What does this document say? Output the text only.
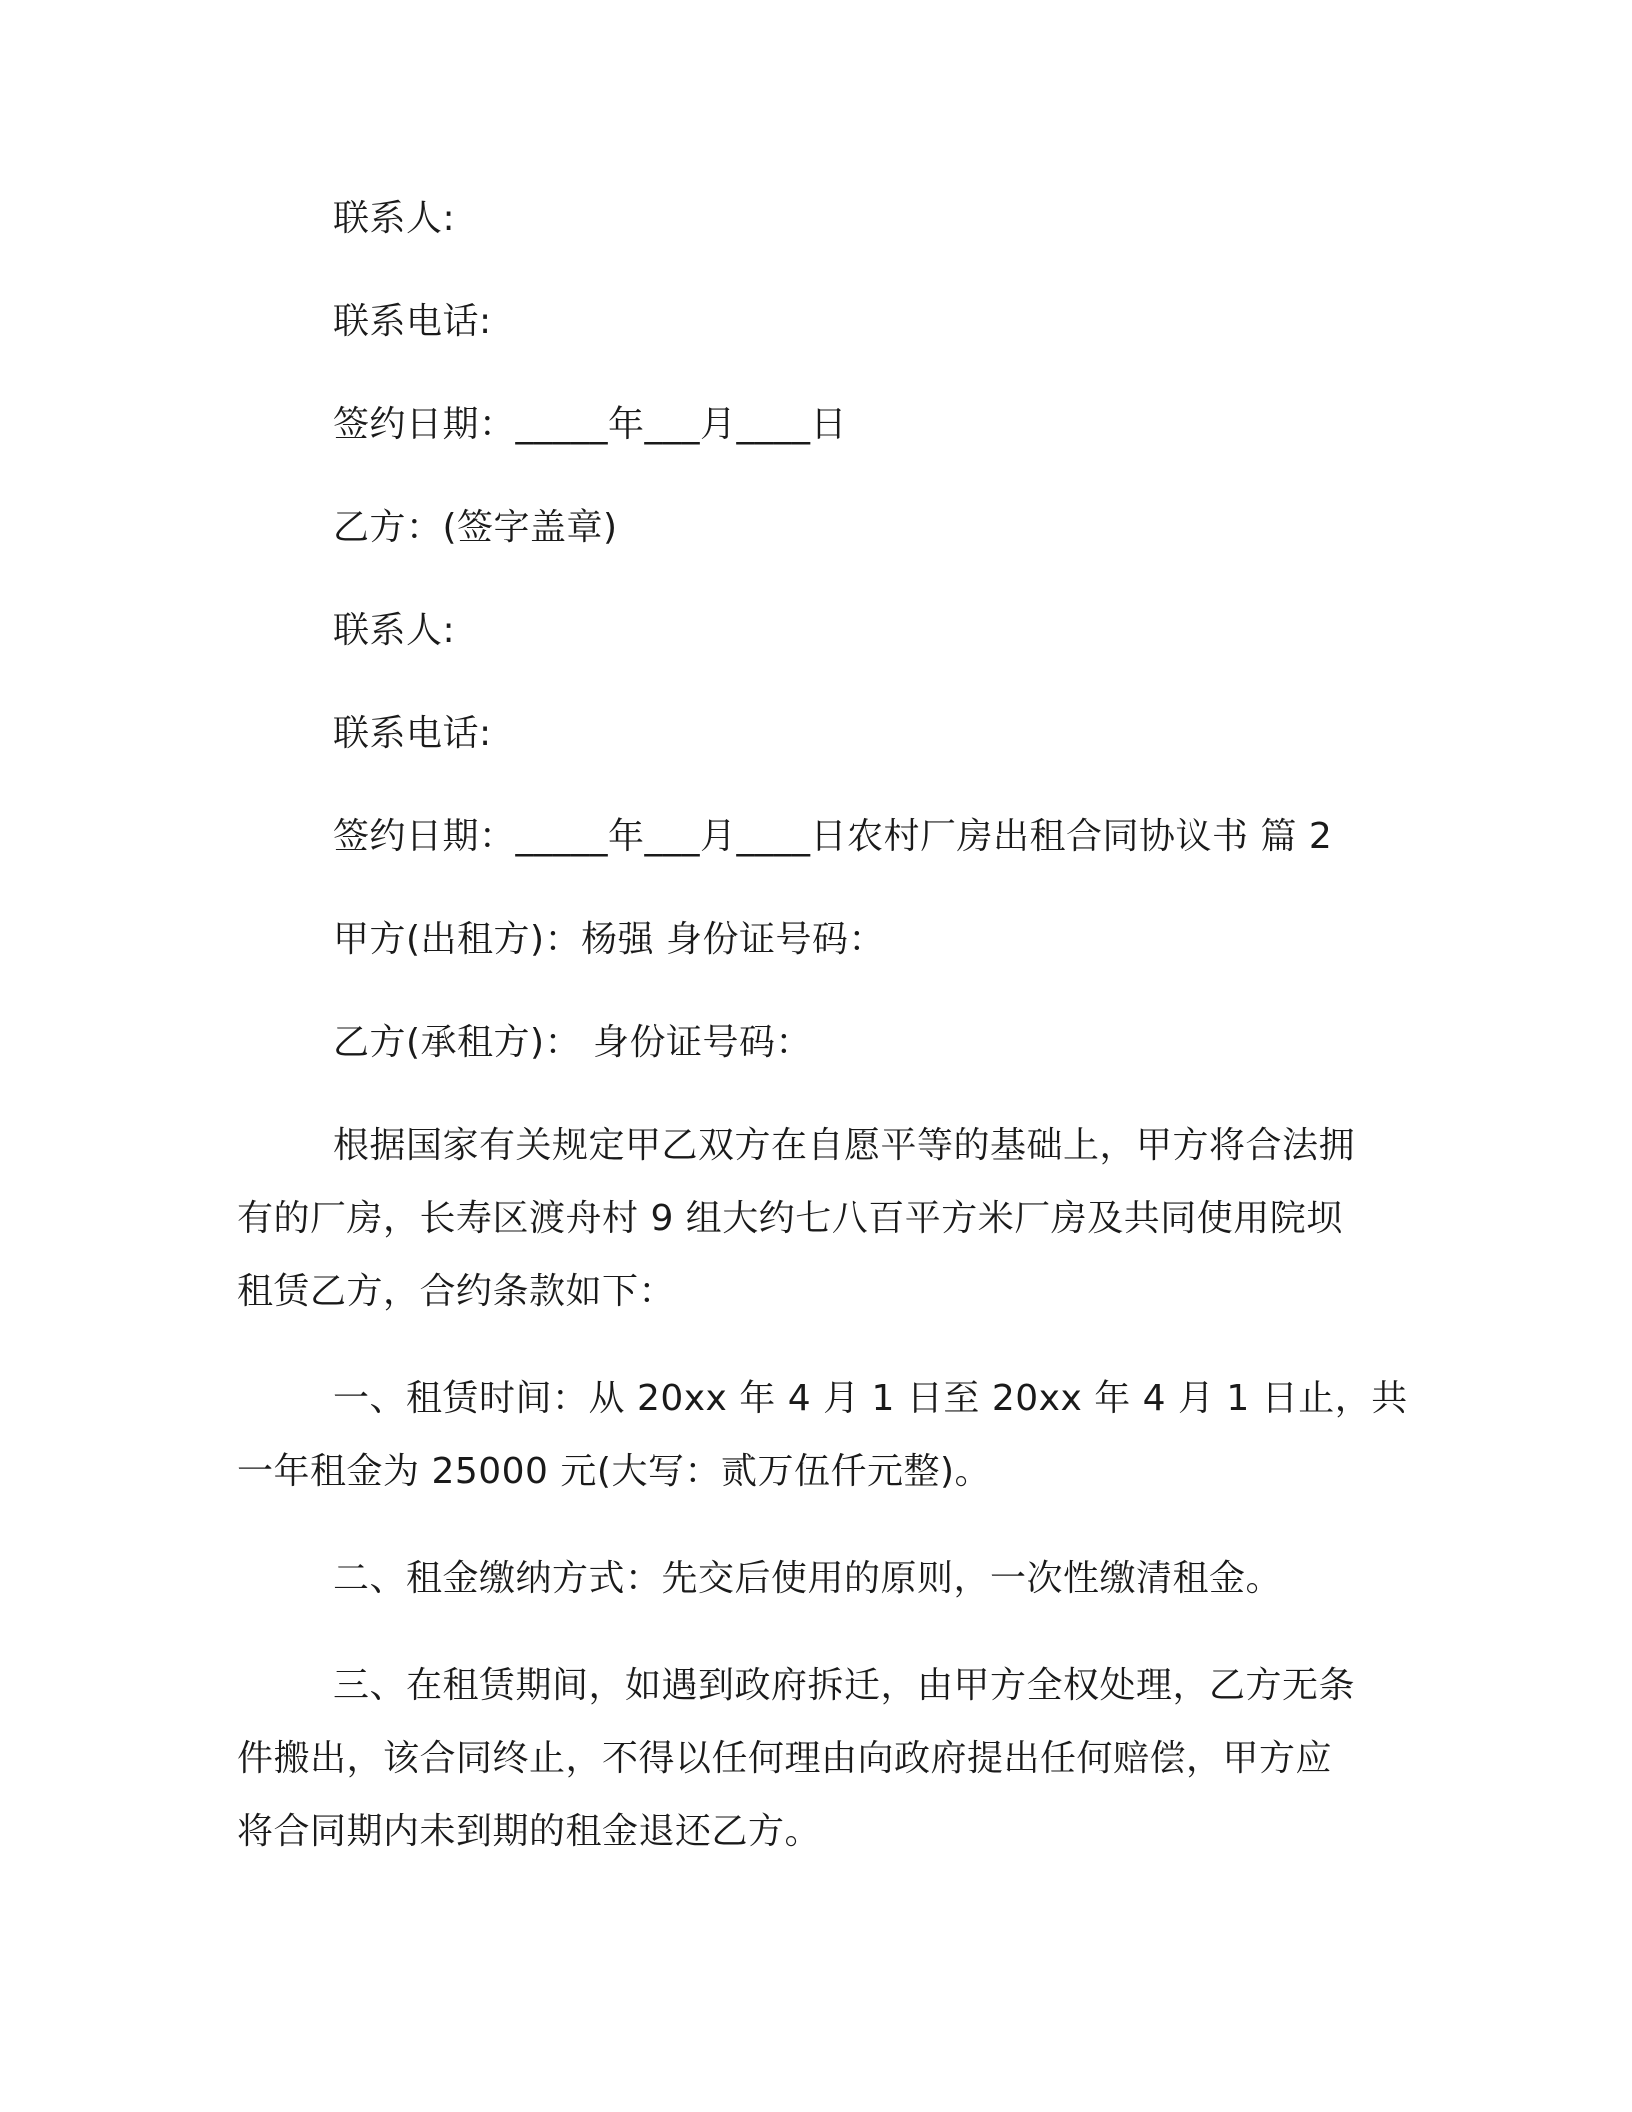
联系人:
联系电话:
签约日期：_____年___月____日
乙方：(签字盖章)
联系人:
联系电话:
签约日期：_____年___月____日农村厂房出租合同协议书 篇 2
甲方(出租方)：杨强 身份证号码：
乙方(承租方)： 身份证号码：
根据国家有关规定甲乙双方在自愿平等的基础上，甲方将合法拥
有的厂房，长寿区渡舟村 9 组大约七八百平方米厂房及共同使用院坝
租赁乙方，合约条款如下：
一、租赁时间：从 20xx 年 4 月 1 日至 20xx 年 4 月 1 日止，共
一年租金为 25000 元(大写：贰万伍仟元整)。
二、租金缴纳方式：先交后使用的原则，一次性缴清租金。
三、在租赁期间，如遇到政府拆迁，由甲方全权处理，乙方无条
件搬出，该合同终止，不得以任何理由向政府提出任何赔偿，甲方应
将合同期内未到期的租金退还乙方。
